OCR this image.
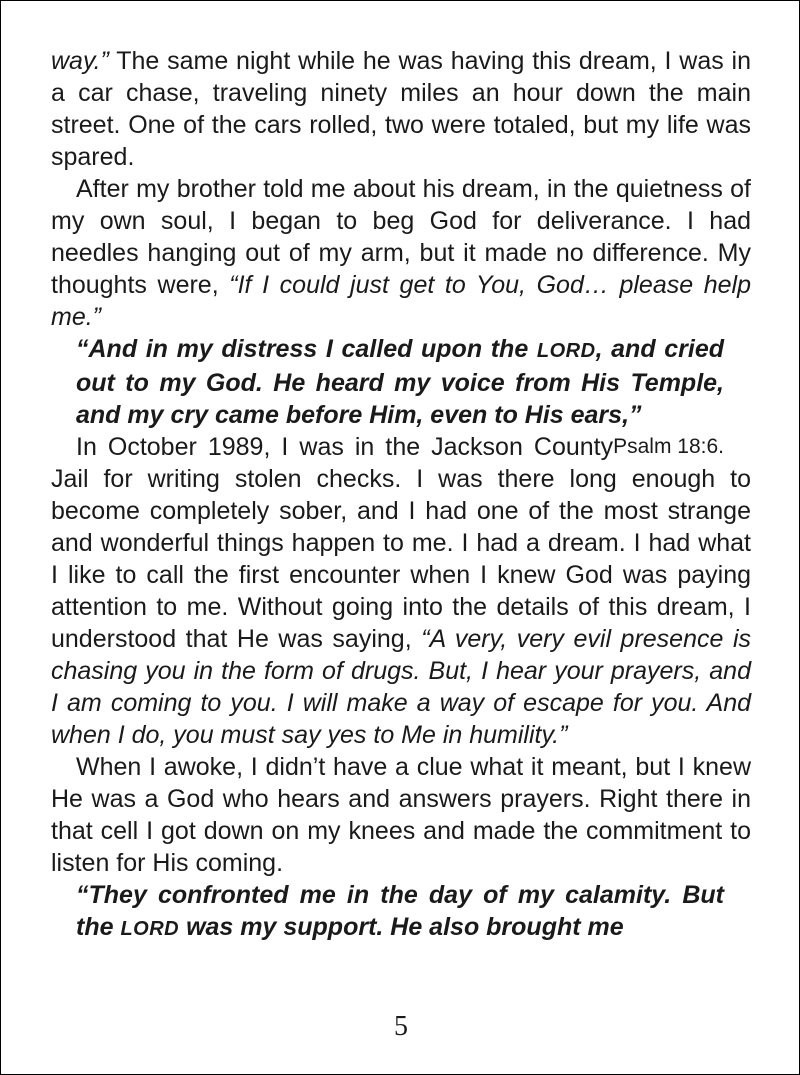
way.” The same night while he was having this dream, I was in a car chase, traveling ninety miles an hour down the main street. One of the cars rolled, two were totaled, but my life was spared.

After my brother told me about his dream, in the quietness of my own soul, I began to beg God for deliverance. I had needles hanging out of my arm, but it made no difference. My thoughts were, “If I could just get to You, God… please help me.”

“And in my distress I called upon the LORD, and cried out to my God. He heard my voice from His Temple, and my cry came before Him, even to His ears,”
Psalm 18:6.

In October 1989, I was in the Jackson County Jail for writing stolen checks. I was there long enough to become completely sober, and I had one of the most strange and wonderful things happen to me. I had a dream. I had what I like to call the first encounter when I knew God was paying attention to me. Without going into the details of this dream, I understood that He was saying, “A very, very evil presence is chasing you in the form of drugs. But, I hear your prayers, and I am coming to you. I will make a way of escape for you. And when I do, you must say yes to Me in humility.”

When I awoke, I didn’t have a clue what it meant, but I knew He was a God who hears and answers prayers. Right there in that cell I got down on my knees and made the commitment to listen for His coming.

“They confronted me in the day of my calamity. But the LORD was my support. He also brought me

5
